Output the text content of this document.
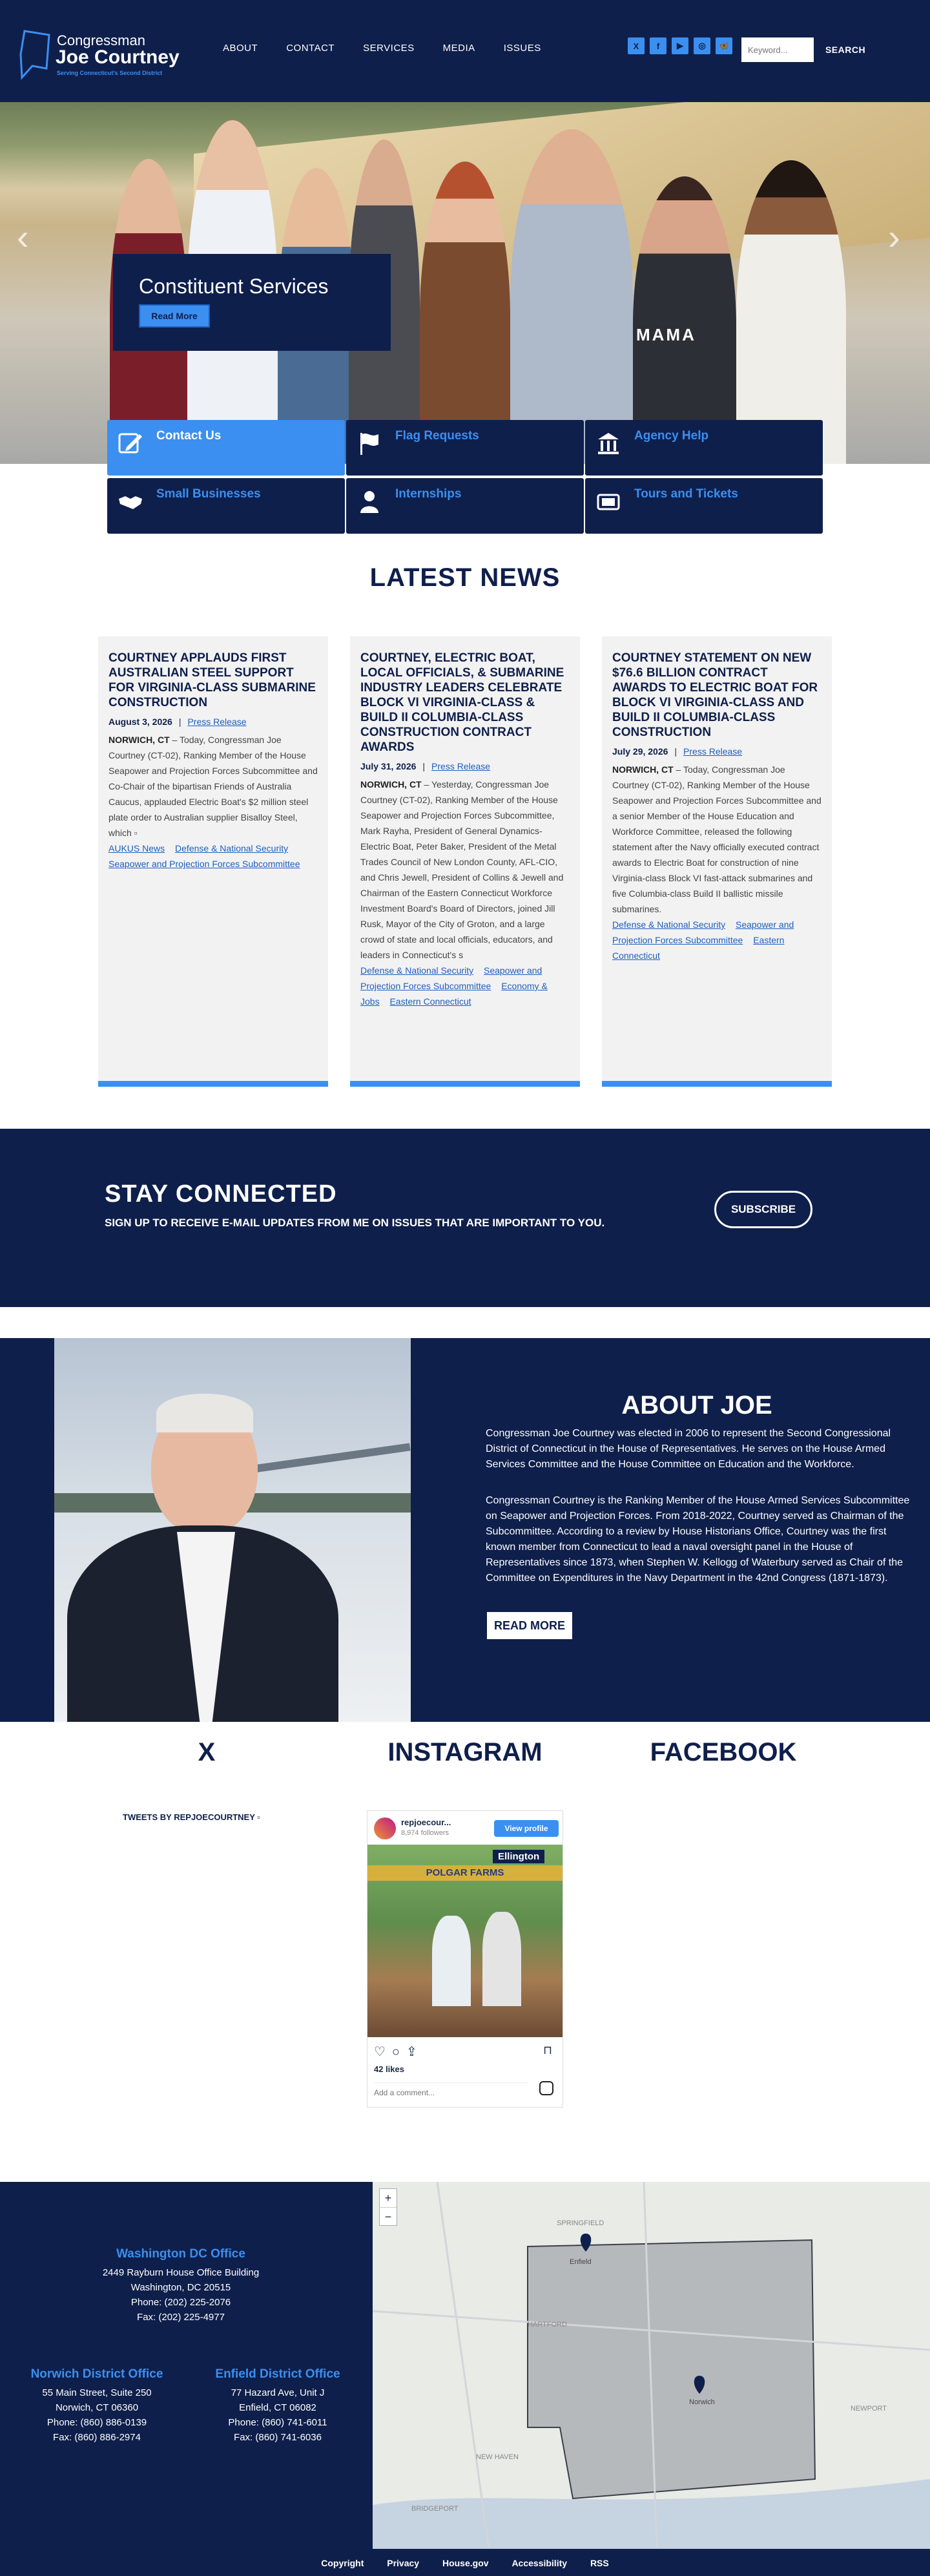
Congressman
Joe Courtney
Serving Connecticut's Second District
ABOUT	CONTACT	SERVICES	MEDIA	ISSUES	X	f	▶	◎	🦋
Keyword...	SEARCH
MAMA
‹	›
Constituent Services
Read More
Contact Us	Flag Requests	Agency Help
Small Businesses	Internships	Tours and Tickets
LATEST NEWS
COURTNEY APPLAUDS FIRST AUSTRALIAN STEEL SUPPORT FOR VIRGINIA-CLASS SUBMARINE CONSTRUCTION
August 3, 2026 | Press Release

NORWICH, CT – Today, Congressman Joe Courtney (CT-02), Ranking Member of the House Seapower and Projection Forces Subcommittee and Co-Chair of the bipartisan Friends of Australia Caucus, applauded Electric Boat's $2 million steel plate order to Australian supplier Bisalloy Steel, which ▫

AUKUS News Defense & National Security Seapower and Projection Forces Subcommittee
COURTNEY, ELECTRIC BOAT, LOCAL OFFICIALS, & SUBMARINE INDUSTRY LEADERS CELEBRATE BLOCK VI VIRGINIA-CLASS & BUILD II COLUMBIA-CLASS CONSTRUCTION CONTRACT AWARDS
July 31, 2026 | Press Release

NORWICH, CT – Yesterday, Congressman Joe Courtney (CT-02), Ranking Member of the House Seapower and Projection Forces Subcommittee, Mark Rayha, President of General Dynamics-Electric Boat, Peter Baker, President of the Metal Trades Council of New London County, AFL-CIO, and Chris Jewell, President of Collins & Jewell and Chairman of the Eastern Connecticut Workforce Investment Board's Board of Directors, joined Jill Rusk, Mayor of the City of Groton, and a large crowd of state and local officials, educators, and leaders in Connecticut's s

Defense & National Security Seapower and Projection Forces Subcommittee Economy & Jobs Eastern Connecticut
COURTNEY STATEMENT ON NEW $76.6 BILLION CONTRACT AWARDS TO ELECTRIC BOAT FOR BLOCK VI VIRGINIA-CLASS AND BUILD II COLUMBIA-CLASS CONSTRUCTION
July 29, 2026 | Press Release

NORWICH, CT – Today, Congressman Joe Courtney (CT-02), Ranking Member of the House Seapower and Projection Forces Subcommittee and a senior Member of the House Education and Workforce Committee, released the following statement after the Navy officially executed contract awards to Electric Boat for construction of nine Virginia-class Block VI fast-attack submarines and five Columbia-class Build II ballistic missile submarines.

Defense & National Security Seapower and Projection Forces Subcommittee Eastern Connecticut
STAY CONNECTED

SIGN UP TO RECEIVE E-MAIL UPDATES FROM ME ON ISSUES THAT ARE IMPORTANT TO YOU.

SUBSCRIBE
ABOUT JOE

Congressman Joe Courtney was elected in 2006 to represent the Second Congressional District of Connecticut in the House of Representatives. He serves on the House Armed Services Committee and the House Committee on Education and the Workforce.

Congressman Courtney is the Ranking Member of the House Armed Services Subcommittee on Seapower and Projection Forces. From 2018-2022, Courtney served as Chairman of the Subcommittee. According to a review by House Historians Office, Courtney was the first known member from Connecticut to lead a naval oversight panel in the House of Representatives since 1873, when Stephen W. Kellogg of Waterbury served as Chair of the Committee on Expenditures in the Navy Department in the 42nd Congress (1871-1873).

READ MORE
X	INSTAGRAM	FACEBOOK
TWEETS BY REPJOECOURTNEY ▫
repjoecour...
8,974 followers	View profile
POLGAR FARMS
Ellington
♡○⇪	⊓
42 likes
Add a comment...
Washington DC Office
2449 Rayburn House Office Building
Washington, DC 20515
Phone: (202) 225-2076
Fax: (202) 225-4977
Norwich District Office
55 Main Street, Suite 250
Norwich, CT 06360
Phone: (860) 886-0139
Fax: (860) 886-2974
Enfield District Office
77 Hazard Ave, Unit J
Enfield, CT 06082
Phone: (860) 741-6011
Fax: (860) 741-6036
+
−	SPRINGFIELD
Enfield
HARTFORD
Norwich
NEW HAVEN
BRIDGEPORT
NEWPORT
Copyright	Privacy	House.gov	Accessibility	RSS
